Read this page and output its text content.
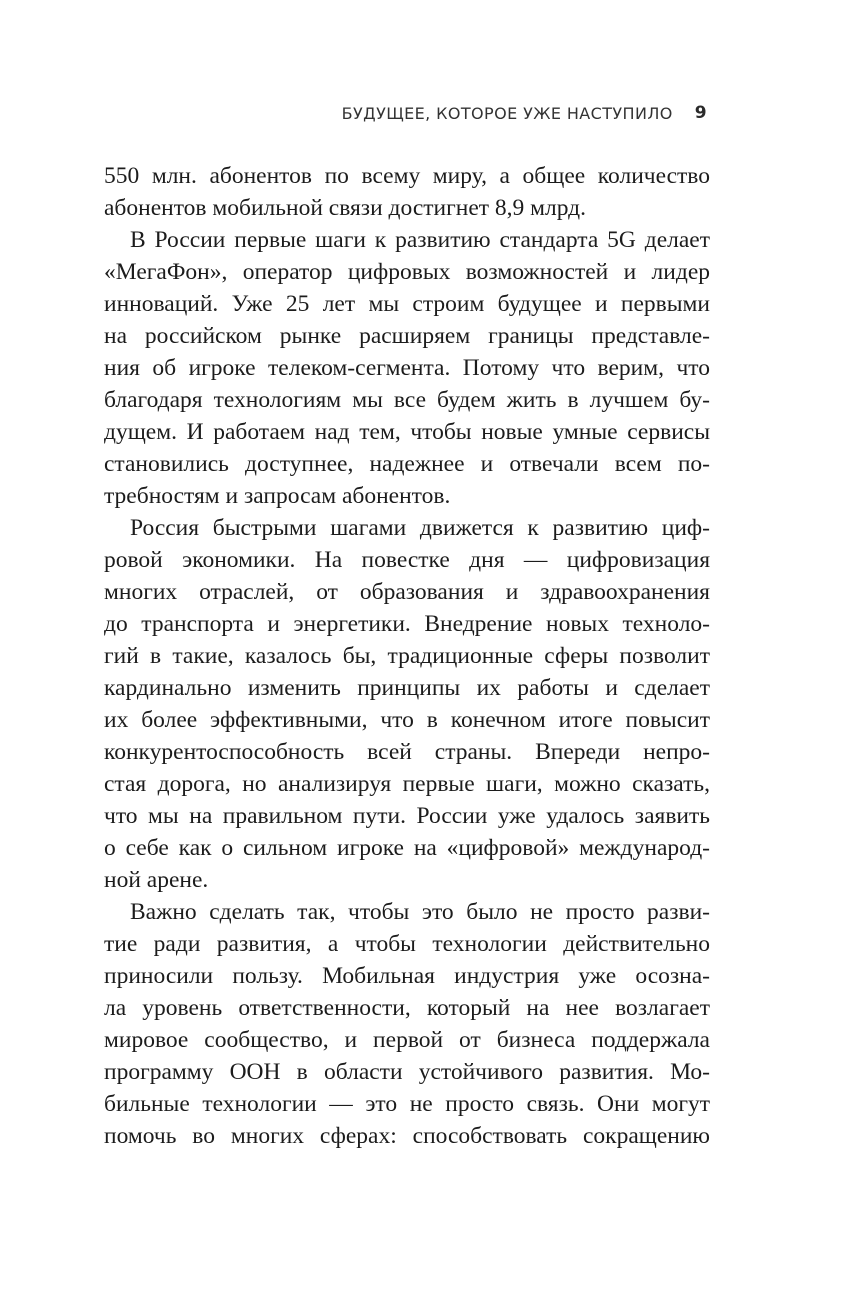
БУДУЩЕЕ, КОТОРОЕ УЖЕ НАСТУПИЛО 9
550 млн. абонентов по всему миру, а общее количество
абонентов мобильной связи достигнет 8,9 млрд.
В России первые шаги к развитию стандарта 5G делает
«МегаФон», оператор цифровых возможностей и лидер
инноваций. Уже 25 лет мы строим будущее и первыми
на российском рынке расширяем границы представле-
ния об игроке телеком-сегмента. Потому что верим, что
благодаря технологиям мы все будем жить в лучшем бу-
дущем. И работаем над тем, чтобы новые умные сервисы
становились доступнее, надежнее и отвечали всем по-
требностям и запросам абонентов.
Россия быстрыми шагами движется к развитию циф-
ровой экономики. На повестке дня — цифровизация
многих отраслей, от образования и здравоохранения
до транспорта и энергетики. Внедрение новых техноло-
гий в такие, казалось бы, традиционные сферы позволит
кардинально изменить принципы их работы и сделает
их более эффективными, что в конечном итоге повысит
конкурентоспособность всей страны. Впереди непро-
стая дорога, но анализируя первые шаги, можно сказать,
что мы на правильном пути. России уже удалось заявить
о себе как о сильном игроке на «цифровой» международ-
ной арене.
Важно сделать так, чтобы это было не просто разви-
тие ради развития, а чтобы технологии действительно
приносили пользу. Мобильная индустрия уже осозна-
ла уровень ответственности, который на нее возлагает
мировое сообщество, и первой от бизнеса поддержала
программу ООН в области устойчивого развития. Мо-
бильные технологии — это не просто связь. Они могут
помочь во многих сферах: способствовать сокращению
